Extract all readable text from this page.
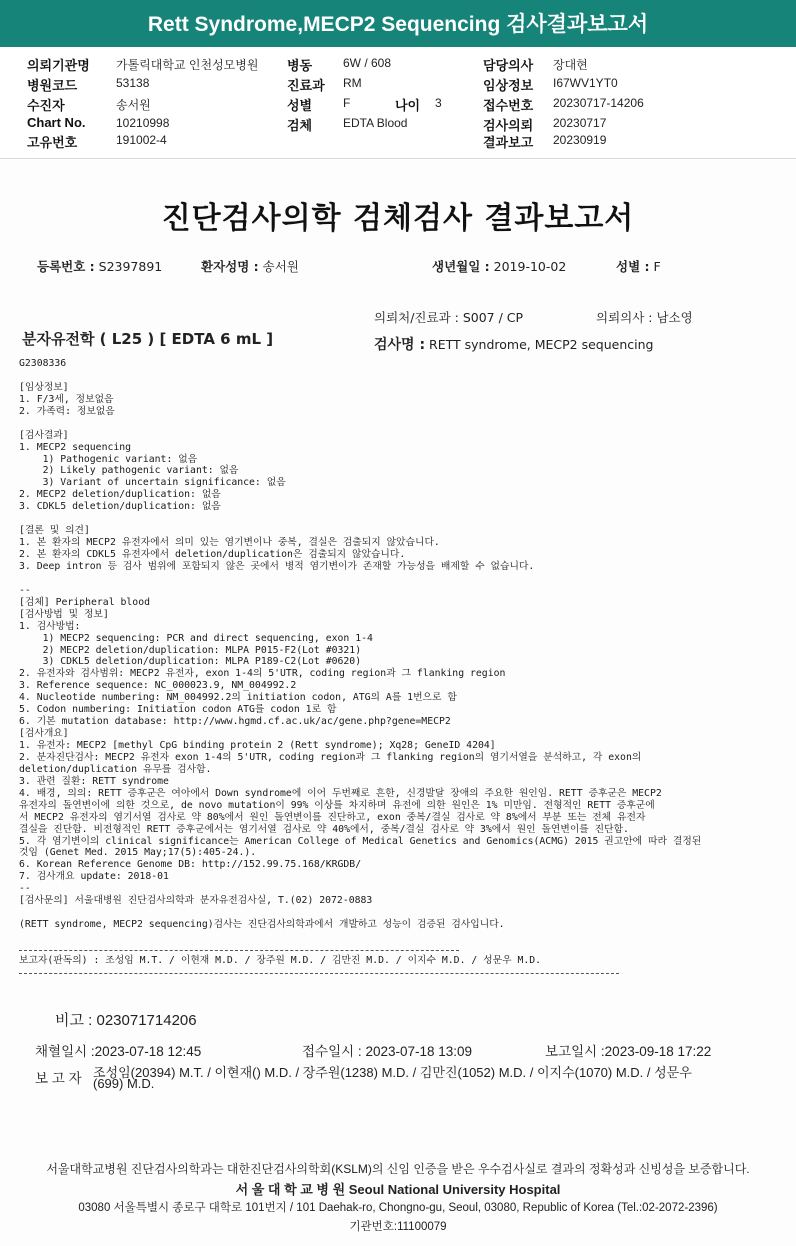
Rett Syndrome,MECP2 Sequencing 검사결과보고서
의뢰기관명 가톨릭대학교 인천성모병원
병원코드	53138
수진자	송서원
Chart No.	10210998
고유번호	191002-4
병동	6W / 608
진료과 RM
성별	F	나이 3
검체	EDTA Blood
담당의사 장대현
임상정보 I67WV1YT0
접수번호 20230717-14206
검사의뢰 20230717
결과보고 20230919
진단검사의학 검체검사 결과보고서
등록번호 : S2397891	환자성명 : 송서원	생년월일 : 2019-10-02	성별 : F
의뢰처/진료과 : S007 / CP	의뢰의사 : 남소영
분자유전학 ( L25 ) [ EDTA 6 mL ]	검사명 : RETT syndrome, MECP2 sequencing
G2308336
[임상정보]
1. F/3세, 정보없음
2. 가족력: 정보없음
[검사결과]
1. MECP2 sequencing
1) Pathogenic variant: 없음
2) Likely pathogenic variant: 없음
3) Variant of uncertain significance: 없음
2. MECP2 deletion/duplication: 없음
3. CDKL5 deletion/duplication: 없음
[결론 및 의견]
1. 본 환자의 MECP2 유전자에서 의미 있는 염기변이나 중복, 결실은 검출되지 않았습니다.
2. 본 환자의 CDKL5 유전자에서 deletion/duplication은 검출되지 않았습니다.
3. Deep intron 등 검사 범위에 포함되지 않은 곳에서 병적 염기변이가 존재할 가능성을 배제할 수 없습니다.
--
[검체] Peripheral blood
[검사방법 및 정보]
1. 검사방법:
1) MECP2 sequencing: PCR and direct sequencing, exon 1-4
2) MECP2 deletion/duplication: MLPA P015-F2(Lot #0321)
3) CDKL5 deletion/duplication: MLPA P189-C2(Lot #0620)
2. 유전자와 검사범위: MECP2 유전자, exon 1-4의 5'UTR, coding region과 그 flanking region
3. Reference sequence: NC_000023.9, NM_004992.2
4. Nucleotide numbering: NM_004992.2의 initiation codon, ATG의 A를 1번으로 함
5. Codon numbering: Initiation codon ATG를 codon 1로 함
6. 기본 mutation database: http://www.hgmd.cf.ac.uk/ac/gene.php?gene=MECP2
[검사개요]
1. 유전자: MECP2 [methyl CpG binding protein 2 (Rett syndrome); Xq28; GeneID 4204]
2. 분자진단검사: MECP2 유전자 exon 1-4의 5'UTR, coding region과 그 flanking region의 염기서열을 분석하고, 각 exon의
deletion/duplication 유무를 검사함.
3. 관련 질환: RETT syndrome
4. 배경, 의의: RETT 증후군은 여아에서 Down syndrome에 이어 두번째로 흔한, 신경발달 장애의 주요한 원인임. RETT 증후군은 MECP2
유전자의 돌연변이에 의한 것으로, de novo mutation이 99% 이상를 차지하며 유전에 의한 원인은 1% 미만임. 전형적인 RETT 증후군에
서 MECP2 유전자의 염기서열 검사로 약 80%에서 원인 돌연변이를 진단하고, exon 중복/결실 검사로 약 8%에서 부분 또는 전체 유전자
결실을 진단함. 비전형적인 RETT 증후군에서는 염기서열 검사로 약 40%에서, 중복/결실 검사로 약 3%에서 원인 돌연변이를 진단함.
5. 각 염기변이의 clinical significance는 American College of Medical Genetics and Genomics(ACMG) 2015 권고안에 따라 결정된
것임 (Genet Med. 2015 May;17(5):405-24.).
6. Korean Reference Genome DB: http://152.99.75.168/KRGDB/
7. 검사개요 update: 2018-01
--
[검사문의] 서울대병원 진단검사의학과 분자유전검사실, T.(02) 2072-0883
(RETT syndrome, MECP2 sequencing)검사는 진단검사의학과에서 개발하고 성능이 검증된 검사입니다.
보고자(판독의) : 조성임 M.T. / 이현재 M.D. / 장주원 M.D. / 김만진 M.D. / 이지수 M.D. / 성문우 M.D.
비고 : 023071714206
채혈일시 :2023-07-18 12:45	접수일시 : 2023-07-18 13:09	보고일시 :2023-09-18 17:22
보 고 자 조성임(20394) M.T. / 이현재() M.D. / 장주원(1238) M.D. / 김만진(1052) M.D. / 이지수(1070) M.D. / 성문우
(699) M.D.
서울대학교병원 진단검사의학과는 대한진단검사의학회(KSLM)의 신임 인증을 받은 우수검사실로 결과의 정확성과 신빙성을 보증합니다.
서 울 대 학 교 병 원 Seoul National University Hospital
03080 서울특별시 종로구 대학로 101번지 / 101 Daehak-ro, Chongno-gu, Seoul, 03080, Republic of Korea (Tel.:02-2072-2396)
기관번호:11100079
